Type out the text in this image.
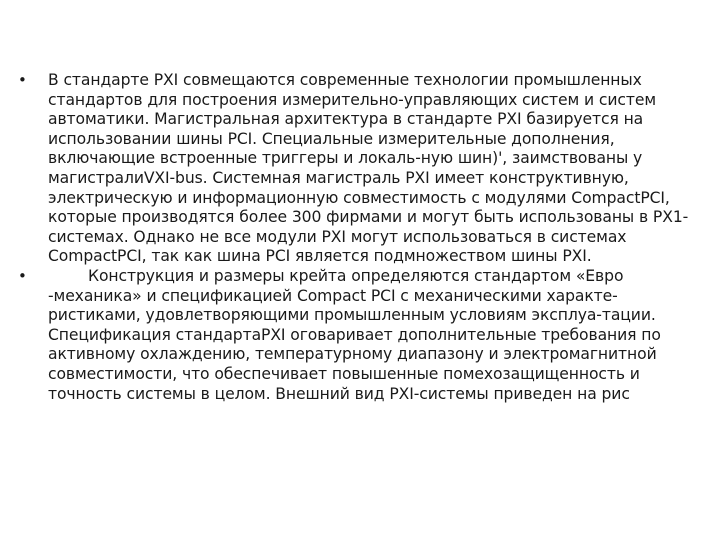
•	В стандарте PXI совмещаются современные технологии промышленных стандартов для построения измерительно-управляющих систем и систем автоматики. Магистральная архитектура в стандарте PXI базируется на использовании шины PCI. Специальные измерительные дополнения, включающие встроенные триггеры и локаль-ную шин)', заимствованы у магистралиVXI-bus. Системная магистраль PXI имеет конструктивную, электрическую и информационную совместимость с модулями CompactPCI, которые производятся более 300 фирмами и могут быть использованы в PX1-системах. Однако не все модули PXI могут использоваться в системах CompactPCI, так как шина PCI является подмножеством шины PXI.
•	Конструкция и размеры крейта определяются стандартом «Евро -механика» и спецификацией Compact PCI с механическими характе-ристиками, удовлетворяющими промышленным условиям эксплуа-тации. Спецификация стандартаPXI оговаривает дополнительные требования по активному охлаждению, температурному диапазону и электромагнитной совместимости, что обеспечивает повышенные помехозащищенность и точность системы в целом. Внешний вид PXI-системы приведен на рис
